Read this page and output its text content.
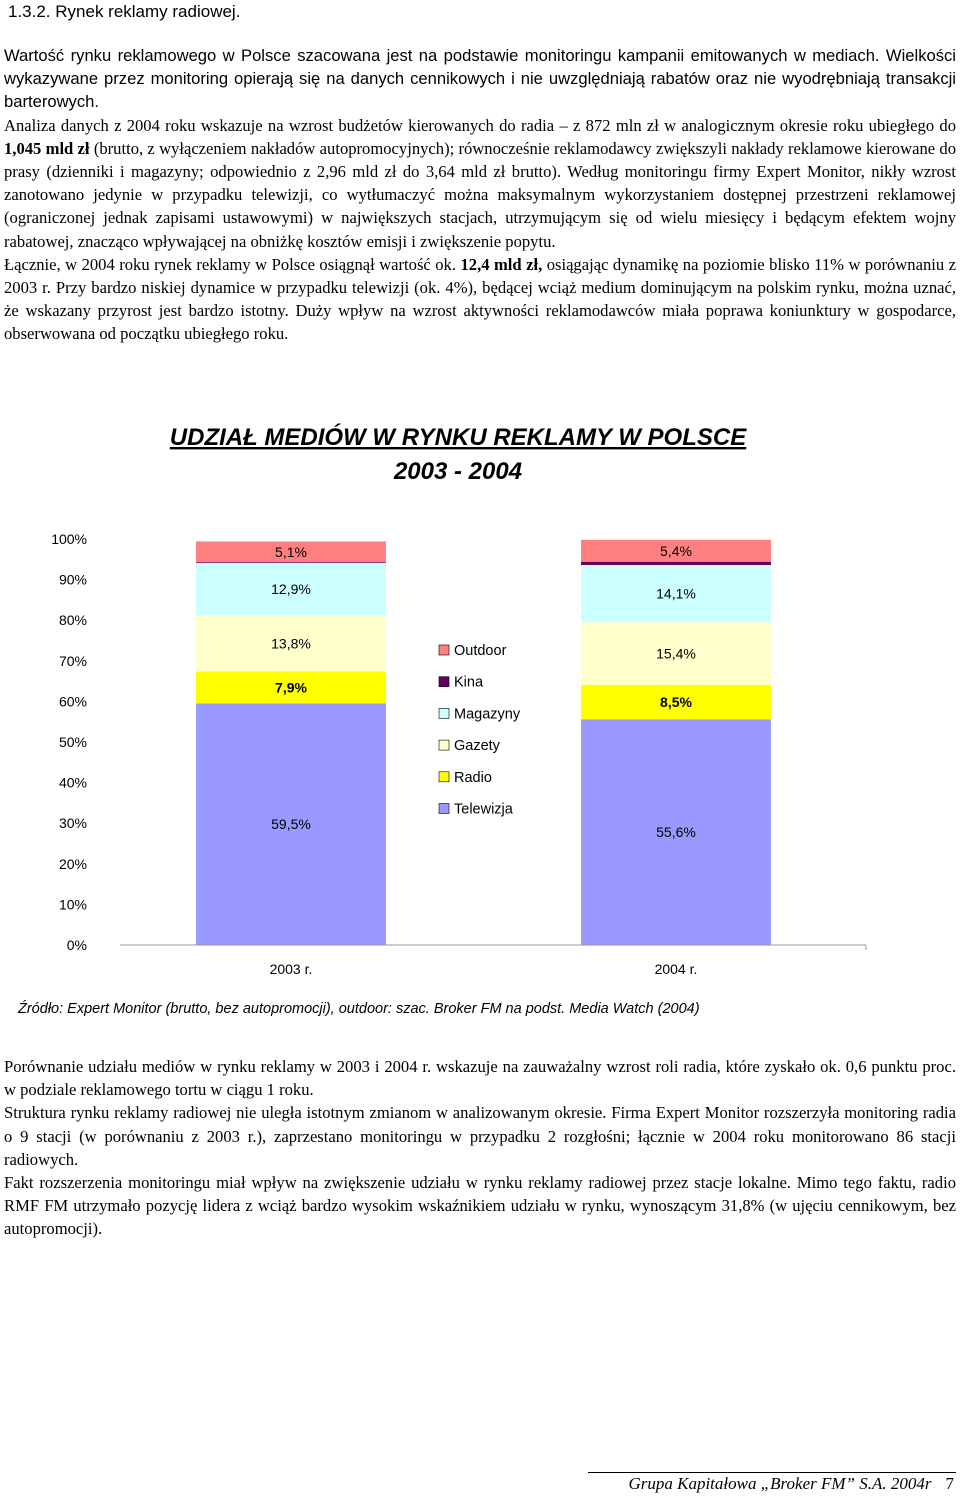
1.3.2. Rynek reklamy radiowej.

Wartość rynku reklamowego w Polsce szacowana jest na podstawie monitoringu kampanii emitowanych w mediach. Wielkości wykazywane przez monitoring opierają się na danych cennikowych i nie uwzględniają rabatów oraz nie wyodrębniają transakcji barterowych.

Analiza danych z 2004 roku wskazuje na wzrost budżetów kierowanych do radia – z 872 mln zł w analogicznym okresie roku ubiegłego do 1,045 mld zł (brutto, z wyłączeniem nakładów autopromocyjnych); równocześnie reklamodawcy zwiększyli nakłady reklamowe kierowane do prasy (dzienniki i magazyny; odpowiednio z 2,96 mld zł do 3,64 mld zł brutto). Według monitoringu firmy Expert Monitor, nikły wzrost zanotowano jedynie w przypadku telewizji, co wytłumaczyć można maksymalnym wykorzystaniem dostępnej przestrzeni reklamowej (ograniczonej jednak zapisami ustawowymi) w największych stacjach, utrzymującym się od wielu miesięcy i będącym efektem wojny rabatowej, znacząco wpływającej na obniżkę kosztów emisji i zwiększenie popytu.

Łącznie, w 2004 roku rynek reklamy w Polsce osiągnął wartość ok. 12,4 mld zł, osiągając dynamikę na poziomie blisko 11% w porównaniu z 2003 r. Przy bardzo niskiej dynamice w przypadku telewizji (ok. 4%), będącej wciąż medium dominującym na polskim rynku, można uznać, że wskazany przyrost jest bardzo istotny. Duży wpływ na wzrost aktywności reklamodawców miała poprawa koniunktury w gospodarce, obserwowana od początku ubiegłego roku.

UDZIAŁ MEDIÓW W RYNKU REKLAMY W POLSCE
2003 - 2004
0%
10%
20%
30%
40%
50%
60%
70%
80%
90%
100%
59,5%
7,9%
13,8%
12,9%
5,1%
55,6%
8,5%
15,4%
14,1%
5,4%
2003 r.	2004 r.
Outdoor
Kina
Magazyny
Gazety
Radio
Telewizja
Źródło: Expert Monitor (brutto, bez autopromocji), outdoor: szac. Broker FM na podst. Media Watch (2004)

Porównanie udziału mediów w rynku reklamy w 2003 i 2004 r. wskazuje na zauważalny wzrost roli radia, które zyskało ok. 0,6 punktu proc. w podziale reklamowego tortu w ciągu 1 roku.

Struktura rynku reklamy radiowej nie uległa istotnym zmianom w analizowanym okresie. Firma Expert Monitor rozszerzyła monitoring radia o 9 stacji (w porównaniu z 2003 r.), zaprzestano monitoringu w przypadku 2 rozgłośni; łącznie w 2004 roku monitorowano 86 stacji radiowych.

Fakt rozszerzenia monitoringu miał wpływ na zwiększenie udziału w rynku reklamy radiowej przez stacje lokalne. Mimo tego faktu, radio RMF FM utrzymało pozycję lidera z wciąż bardzo wysokim wskaźnikiem udziału w rynku, wynoszącym 31,8% (w ujęciu cennikowym, bez autopromocji).

Grupa Kapitałowa „Broker FM” S.A. 2004r 7
